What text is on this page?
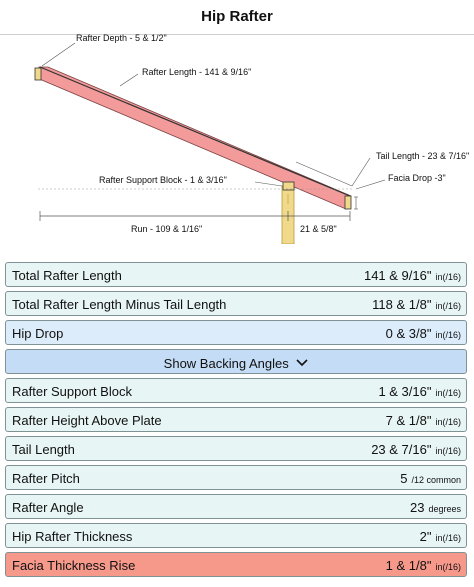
Hip Rafter
Rafter Depth - 5 & 1/2"
Rafter Length - 141 & 9/16"
Tail Length - 23 & 7/16"
Facia Drop -3"
Rafter Support Block - 1 & 3/16"
Run - 109 & 1/16"	21 & 5/8"
Total Rafter Length	141 & 9/16" in(/16)
Total Rafter Length Minus Tail Length	118 & 1/8" in(/16)
Hip Drop	0 & 3/8" in(/16)
Show Backing Angles
Rafter Support Block	1 & 3/16" in(/16)
Rafter Height Above Plate	7 & 1/8" in(/16)
Tail Length	23 & 7/16" in(/16)
Rafter Pitch	5 /12 common
Rafter Angle	23 degrees
Hip Rafter Thickness	2" in(/16)
Facia Thickness Rise	1 & 1/8" in(/16)
